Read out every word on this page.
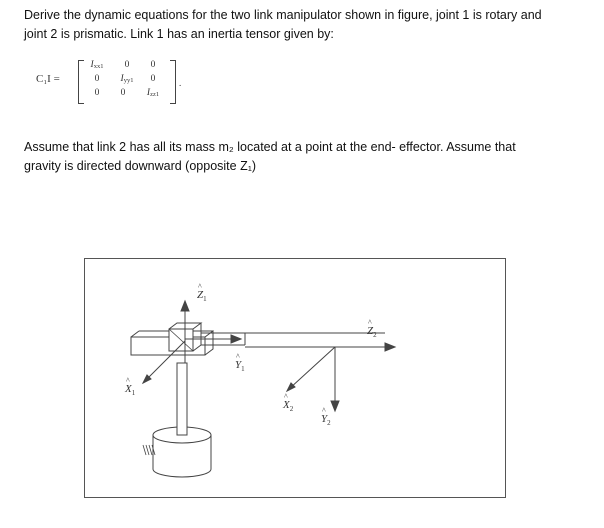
Derive the dynamic equations for the two link manipulator shown in figure, joint 1 is rotary and
joint 2 is prismatic. Link 1 has an inertia tensor given by:

C₁I =
$I_{xx1}$	0	0
0	$I_{yy1}$	0
0	0	$I_{zz1}$
.

Assume that link 2 has all its mass m₂ located at a point at the end- effector. Assume that
gravity is directed downward (opposite Z₁)

^ $Z_1$
^ $X_1$
^ $Y_1$
^ $Z_2$
^ $X_2$
^ $Y_2$
